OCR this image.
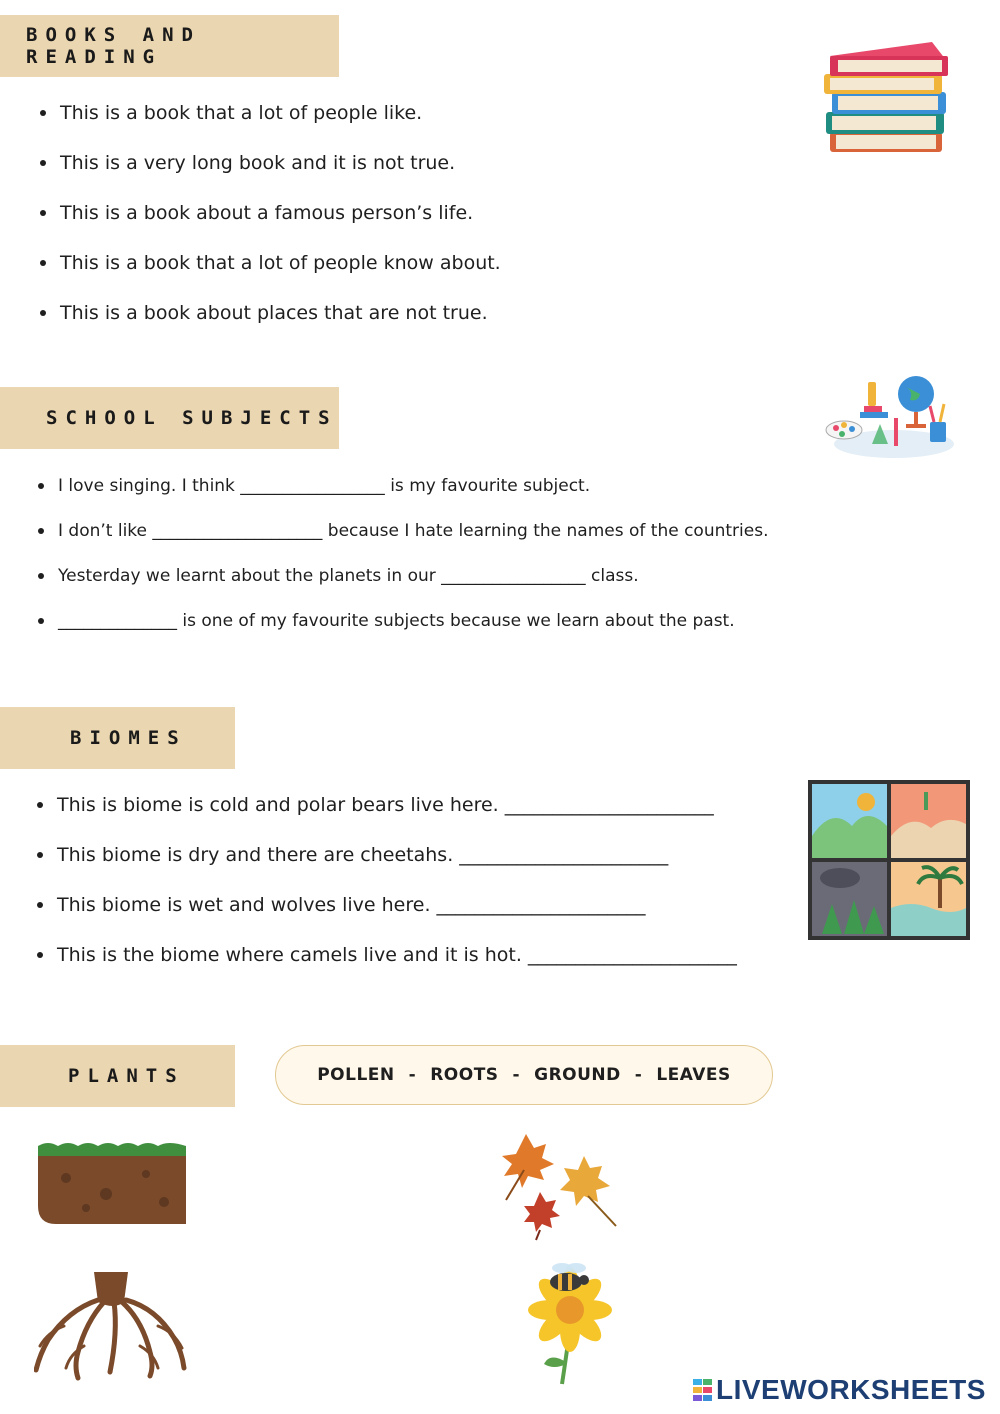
BOOKS AND READING
This is a book that a lot of people like.
This is a very long book and it is not true.
This is a book about a famous person’s life.
This is a book that a lot of people know about.
This is a book about places that are not true.
SCHOOL SUBJECTS
I love singing. I think _________________ is my favourite subject.
I don’t like ____________________ because I hate learning the names of the countries.
Yesterday we learnt about the planets in our _________________ class.
______________ is one of my favourite subjects because we learn about the past.
BIOMES
This is biome is cold and polar bears live here. ______________________
This biome is dry and there are cheetahs. ______________________
This biome is wet and wolves live here. ______________________
This is the biome where camels live and it is hot. ______________________
PLANTS	POLLEN - ROOTS - GROUND - LEAVES
LIVEWORKSHEETS
